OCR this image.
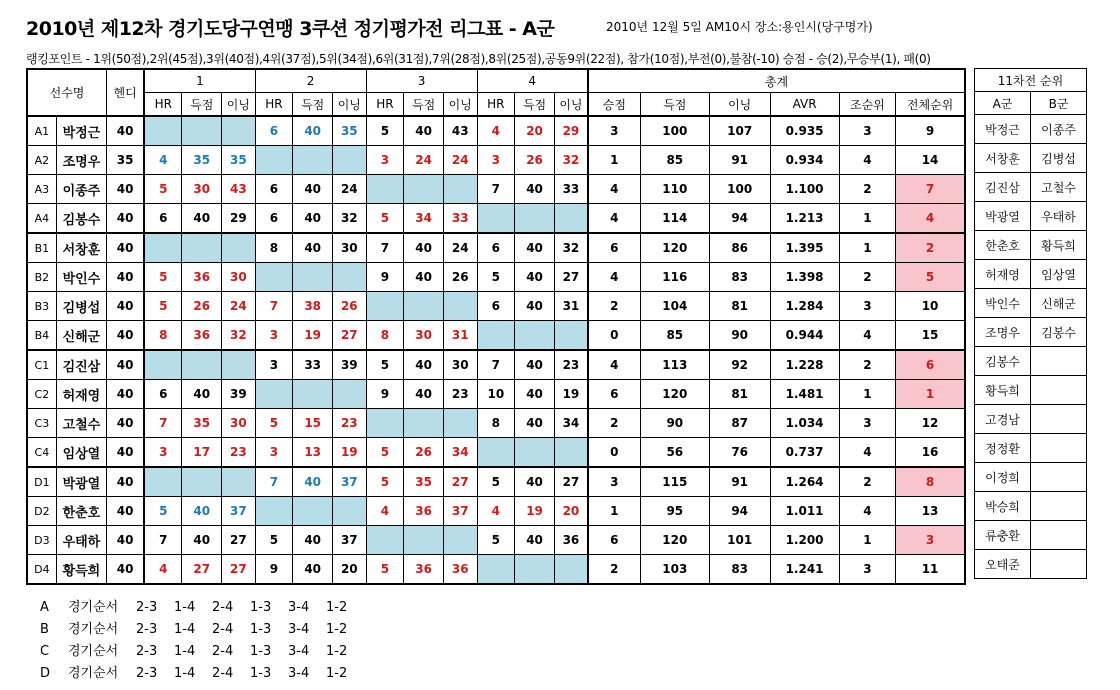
2010년 제12차 경기도당구연맹 3쿠션 정기평가전 리그표 - A군	2010년 12월 5일 AM10시 장소:용인시(당구명가)
랭킹포인트 - 1위(50점),2위(45점),3위(40점),4위(37점),5위(34점),6위(31점),7위(28점),8위(25점),공동9위(22점), 참가(10점),부전(0),불참(-10) 승점 - 승(2),무승부(1), 패(0)
선수명		헨디	1			2			3			4			총계					
			HR	득점	이닝	HR	득점	이닝	HR	득점	이닝	HR	득점	이닝	승점	득점	이닝	AVR	조순위	전체순위
A1	박정근	40				6	40	35	5	40	43	4	20	29	3	100	107	0.935	3	9
A2	조명우	35	4	35	35				3	24	24	3	26	32	1	85	91	0.934	4	14
A3	이종주	40	5	30	43	6	40	24				7	40	33	4	110	100	1.100	2	7
A4	김봉수	40	6	40	29	6	40	32	5	34	33				4	114	94	1.213	1	4
B1	서창훈	40				8	40	30	7	40	24	6	40	32	6	120	86	1.395	1	2
B2	박인수	40	5	36	30				9	40	26	5	40	27	4	116	83	1.398	2	5
B3	김병섭	40	5	26	24	7	38	26				6	40	31	2	104	81	1.284	3	10
B4	신해군	40	8	36	32	3	19	27	8	30	31				0	85	90	0.944	4	15
C1	김진삼	40				3	33	39	5	40	30	7	40	23	4	113	92	1.228	2	6
C2	허재영	40	6	40	39				9	40	23	10	40	19	6	120	81	1.481	1	1
C3	고철수	40	7	35	30	5	15	23				8	40	34	2	90	87	1.034	3	12
C4	임상열	40	3	17	23	3	13	19	5	26	34				0	56	76	0.737	4	16
D1	박광열	40				7	40	37	5	35	27	5	40	27	3	115	91	1.264	2	8
D2	한춘호	40	5	40	37				4	36	37	4	19	20	1	95	94	1.011	4	13
D3	우태하	40	7	40	27	5	40	37				5	40	36	6	120	101	1.200	1	3
D4	황득희	40	4	27	27	9	40	20	5	36	36				2	103	83	1.241	3	11
11차전 순위	
A군	B군
박정근	이종주
서창훈	김병섭
김진삼	고철수
박광열	우태하
한춘호	황득희
허재영	임상열
박인수	신해군
조명우	김봉수
김봉수	
황득희	
고경남	
정정환	
이정희	
박승희	
류충환	
오태준	
A 경기순서 2-3 1-4 2-4 1-3 3-4 1-2
B 경기순서 2-3 1-4 2-4 1-3 3-4 1-2
C 경기순서 2-3 1-4 2-4 1-3 3-4 1-2
D 경기순서 2-3 1-4 2-4 1-3 3-4 1-2
